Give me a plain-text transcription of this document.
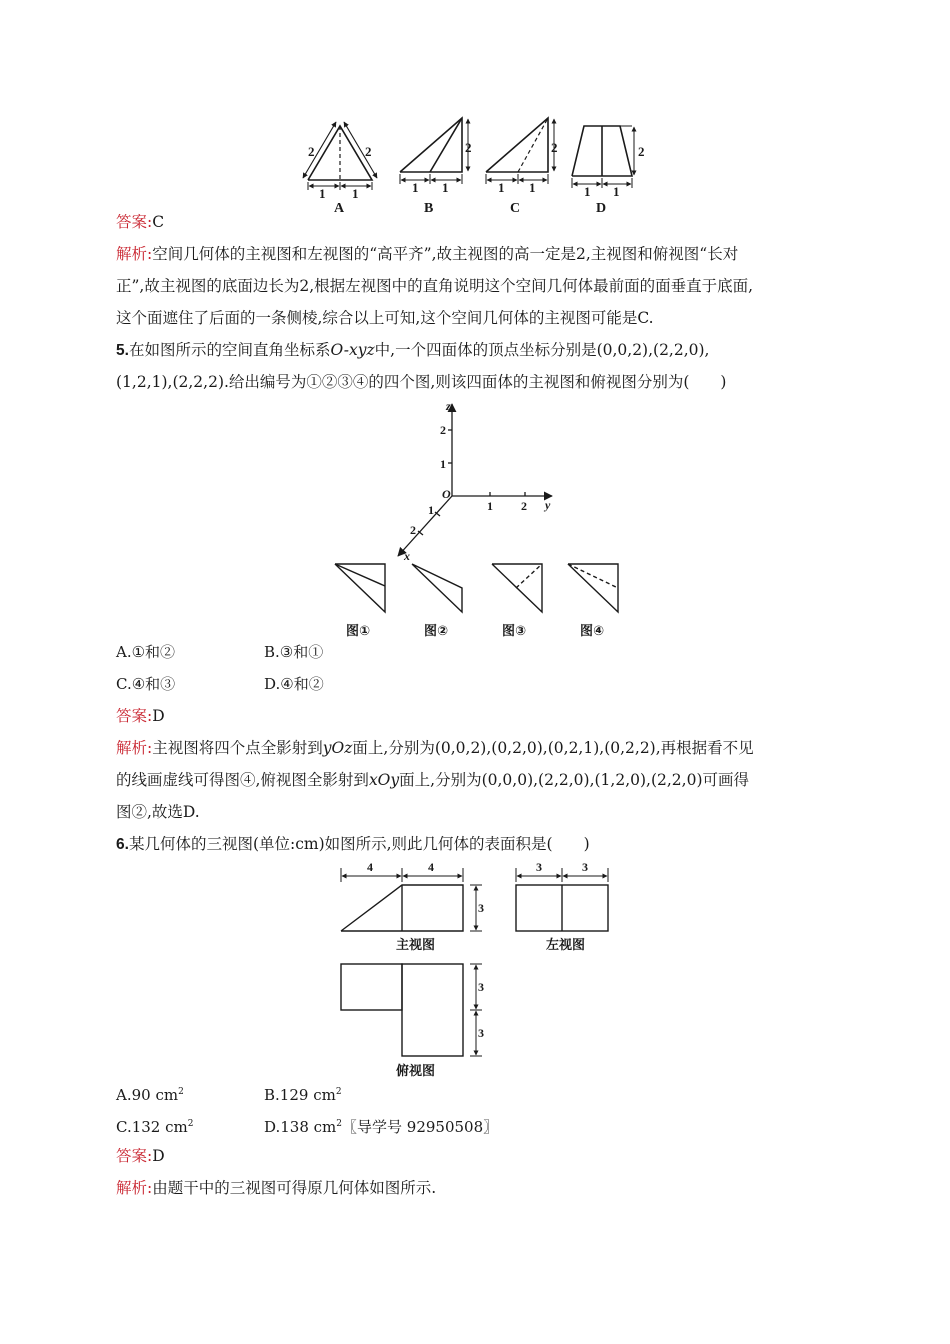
2	2
1 1
2
1 1
2
1 1
2
1 1
A	B	C	D
答案:C
解析:空间几何体的主视图和左视图的“高平齐”,故主视图的高一定是2,主视图和俯视图“长对
正”,故主视图的底面边长为2,根据左视图中的直角说明这个空间几何体最前面的面垂直于底面,
这个面遮住了后面的一条侧棱,综合以上可知,这个空间几何体的主视图可能是C.
5.在如图所示的空间直角坐标系O-xyz中,一个四面体的顶点坐标分别是(0,0,2),(2,2,0),
(1,2,1),(2,2,2).给出编号为①②③④的四个图,则该四面体的主视图和俯视图分别为(　　)
z
2
1
O
1 2 y
1
2
x
图①	图②	图③	图④
A.①和②	B.③和①
C.④和③	D.④和②
答案:D
解析:主视图将四个点全影射到yOz面上,分别为(0,0,2),(0,2,0),(0,2,1),(0,2,2),再根据看不见
的线画虚线可得图④,俯视图全影射到xOy面上,分别为(0,0,0),(2,2,0),(1,2,0),(2,2,0)可画得
图②,故选D.
6.某几何体的三视图(单位:cm)如图所示,则此几何体的表面积是(　　)
4	4
3
3	3
3
3
主视图	左视图
俯视图
A.90 $cm^2$	B.129 $cm^2$
C.132 $cm^2$	D.138 $cm^2$〖导学号 92950508〗
答案:D
解析:由题干中的三视图可得原几何体如图所示.
